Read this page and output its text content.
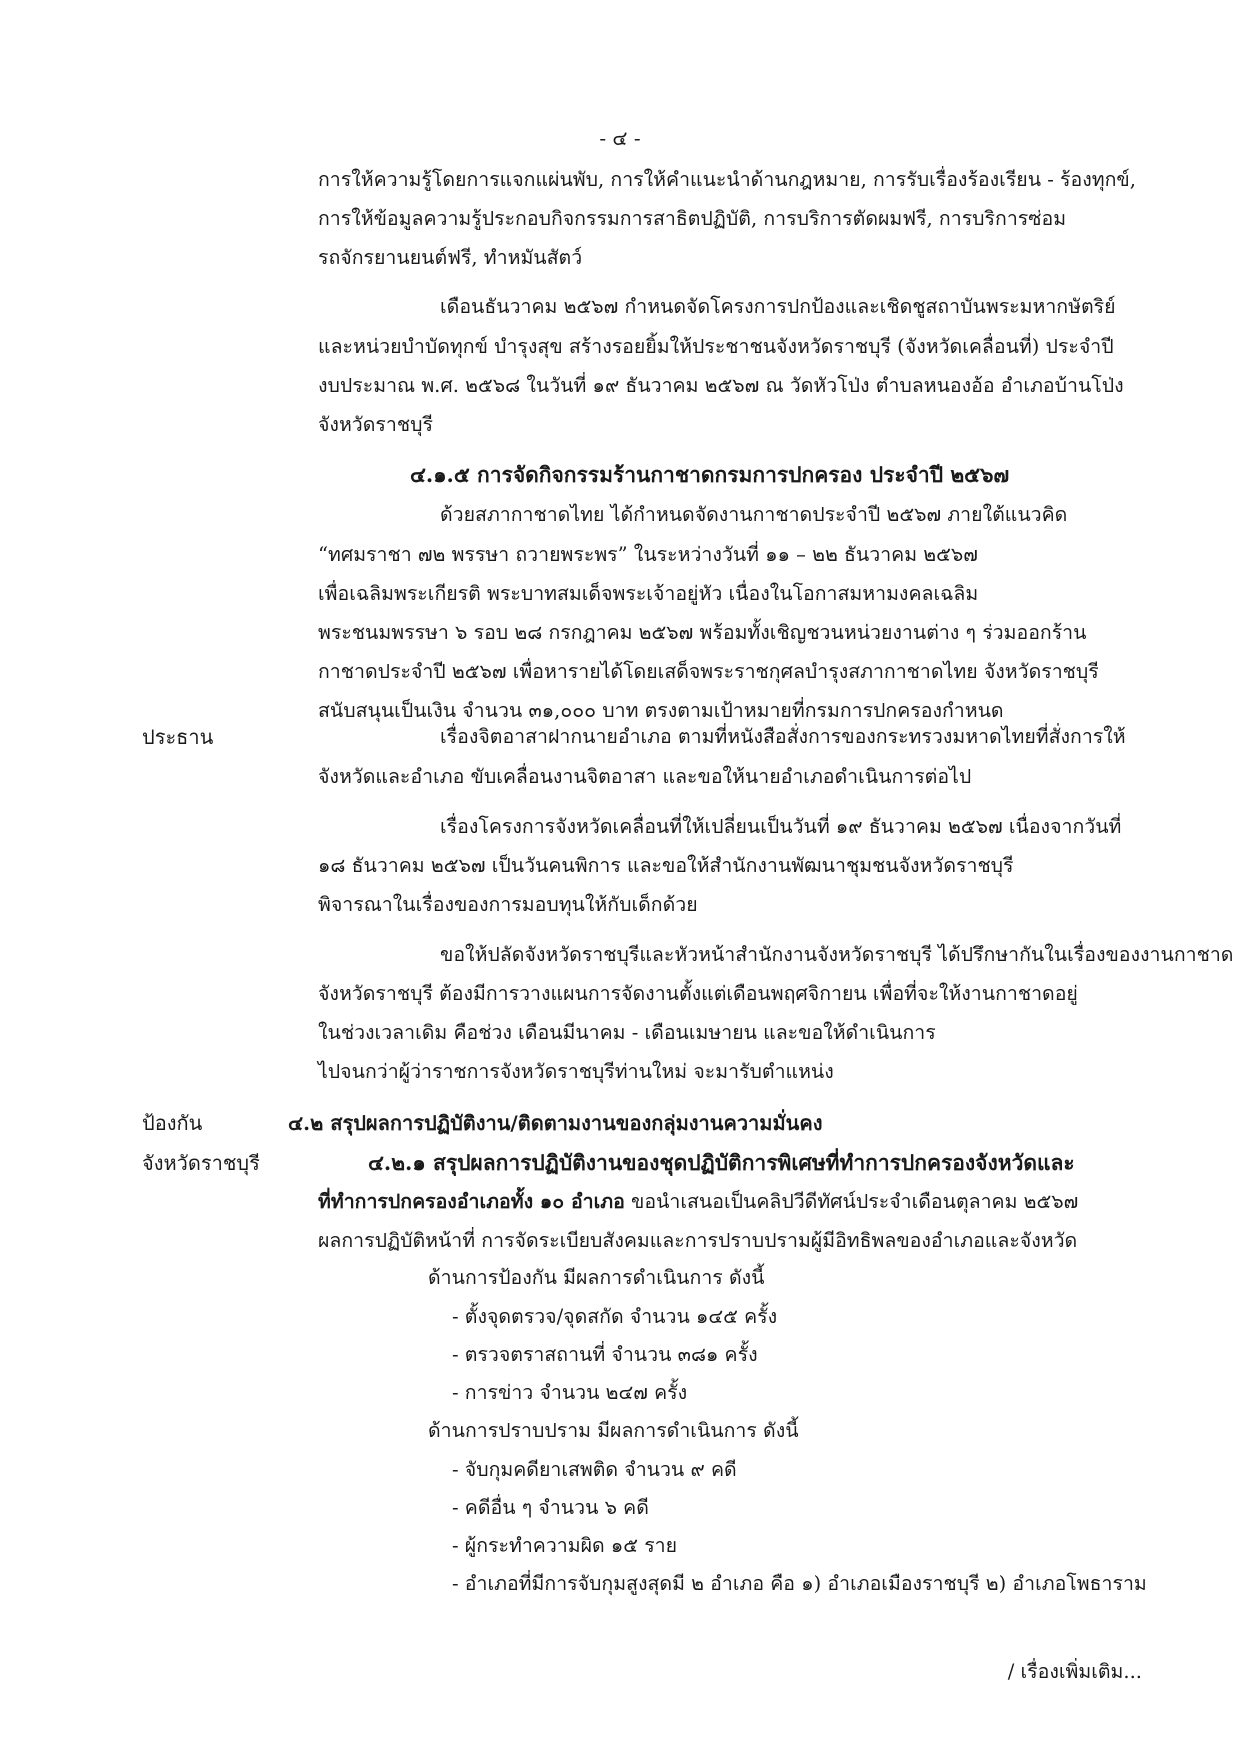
- ๔ -
การให้ความรู้โดยการแจกแผ่นพับ, การให้คำแนะนำด้านกฎหมาย, การรับเรื่องร้องเรียน - ร้องทุกข์,
การให้ข้อมูลความรู้ประกอบกิจกรรมการสาธิตปฏิบัติ, การบริการตัดผมฟรี, การบริการซ่อม
รถจักรยานยนต์ฟรี, ทำหมันสัตว์
เดือนธันวาคม ๒๕๖๗ กำหนดจัดโครงการปกป้องและเชิดชูสถาบันพระมหากษัตริย์
และหน่วยบำบัดทุกข์ บำรุงสุข สร้างรอยยิ้มให้ประชาชนจังหวัดราชบุรี (จังหวัดเคลื่อนที่) ประจำปี
งบประมาณ พ.ศ. ๒๕๖๘ ในวันที่ ๑๙ ธันวาคม ๒๕๖๗ ณ วัดหัวโป่ง ตำบลหนองอ้อ อำเภอบ้านโป่ง
จังหวัดราชบุรี
๔.๑.๕ การจัดกิจกรรมร้านกาชาดกรมการปกครอง ประจำปี ๒๕๖๗
ด้วยสภากาชาดไทย ได้กำหนดจัดงานกาชาดประจำปี ๒๕๖๗ ภายใต้แนวคิด
“ทศมราชา ๗๒ พรรษา ถวายพระพร” ในระหว่างวันที่ ๑๑ – ๒๒ ธันวาคม ๒๕๖๗
เพื่อเฉลิมพระเกียรติ พระบาทสมเด็จพระเจ้าอยู่หัว เนื่องในโอกาสมหามงคลเฉลิม
พระชนมพรรษา ๖ รอบ ๒๘ กรกฎาคม ๒๕๖๗ พร้อมทั้งเชิญชวนหน่วยงานต่าง ๆ ร่วมออกร้าน
กาชาดประจำปี ๒๕๖๗ เพื่อหารายได้โดยเสด็จพระราชกุศลบำรุงสภากาชาดไทย จังหวัดราชบุรี
สนับสนุนเป็นเงิน จำนวน ๓๑,๐๐๐ บาท ตรงตามเป้าหมายที่กรมการปกครองกำหนด
ประธาน	เรื่องจิตอาสาฝากนายอำเภอ ตามที่หนังสือสั่งการของกระทรวงมหาดไทยที่สั่งการให้
จังหวัดและอำเภอ ขับเคลื่อนงานจิตอาสา และขอให้นายอำเภอดำเนินการต่อไป
เรื่องโครงการจังหวัดเคลื่อนที่ให้เปลี่ยนเป็นวันที่ ๑๙ ธันวาคม ๒๕๖๗ เนื่องจากวันที่
๑๘ ธันวาคม ๒๕๖๗ เป็นวันคนพิการ และขอให้สำนักงานพัฒนาชุมชนจังหวัดราชบุรี
พิจารณาในเรื่องของการมอบทุนให้กับเด็กด้วย
ขอให้ปลัดจังหวัดราชบุรีและหัวหน้าสำนักงานจังหวัดราชบุรี ได้ปรึกษากันในเรื่องของงานกาชาด
จังหวัดราชบุรี ต้องมีการวางแผนการจัดงานตั้งแต่เดือนพฤศจิกายน เพื่อที่จะให้งานกาชาดอยู่
ในช่วงเวลาเดิม คือช่วง เดือนมีนาคม - เดือนเมษายน และขอให้ดำเนินการ
ไปจนกว่าผู้ว่าราชการจังหวัดราชบุรีท่านใหม่ จะมารับตำแหน่ง
ป้องกัน
จังหวัดราชบุรี
๔.๒ สรุปผลการปฏิบัติงาน/ติดตามงานของกลุ่มงานความมั่นคง
๔.๒.๑ สรุปผลการปฏิบัติงานของชุดปฏิบัติการพิเศษที่ทำการปกครองจังหวัดและ
ที่ทำการปกครองอำเภอทั้ง ๑๐ อำเภอ ขอนำเสนอเป็นคลิปวีดีทัศน์ประจำเดือนตุลาคม ๒๕๖๗
ผลการปฏิบัติหน้าที่ การจัดระเบียบสังคมและการปราบปรามผู้มีอิทธิพลของอำเภอและจังหวัด
ด้านการป้องกัน มีผลการดำเนินการ ดังนี้
- ตั้งจุดตรวจ/จุดสกัด จำนวน ๑๔๕ ครั้ง
- ตรวจตราสถานที่ จำนวน ๓๘๑ ครั้ง
- การข่าว จำนวน ๒๔๗ ครั้ง
ด้านการปราบปราม มีผลการดำเนินการ ดังนี้
- จับกุมคดียาเสพติด จำนวน ๙ คดี
- คดีอื่น ๆ จำนวน ๖ คดี
- ผู้กระทำความผิด ๑๕ ราย
- อำเภอที่มีการจับกุมสูงสุดมี ๒ อำเภอ คือ ๑) อำเภอเมืองราชบุรี ๒) อำเภอโพธาราม
/ เรื่องเพิ่มเติม...
